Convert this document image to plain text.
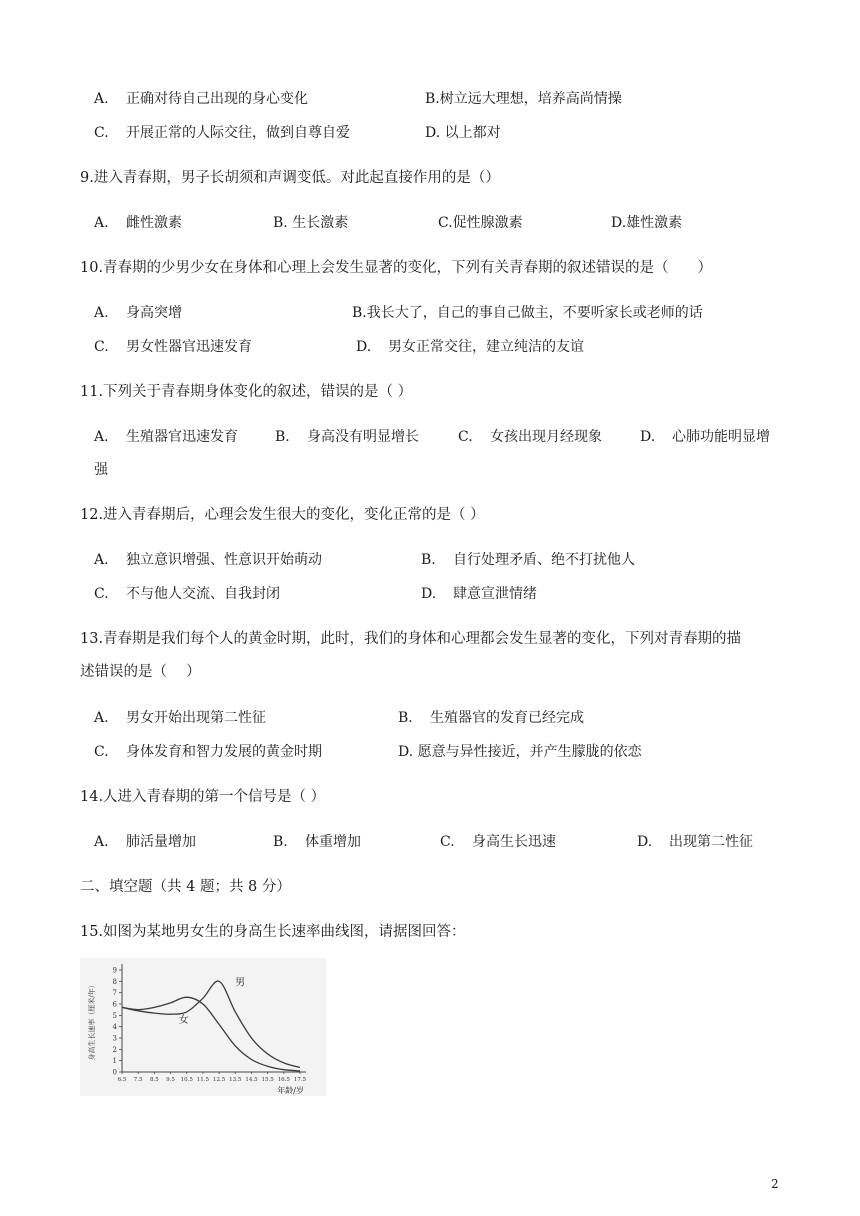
A. 正确对待自己出现的身心变化	B.树立远大理想，培养高尚情操
C. 开展正常的人际交往，做到自尊自爱	D. 以上都对
9.进入青春期，男子长胡须和声调变低。对此起直接作用的是（）
A. 雌性激素	B. 生长激素	C.促性腺激素	D.雄性激素
10.青春期的少男少女在身体和心理上会发生显著的变化，下列有关青春期的叙述错误的是（　　）
A. 身高突增	B.我长大了，自己的事自己做主，不要听家长或老师的话
C. 男女性器官迅速发育	D. 男女正常交往，建立纯洁的友谊
11.下列关于青春期身体变化的叙述，错误的是（ ）
A. 生殖器官迅速发育	B. 身高没有明显增长	C. 女孩出现月经现象	D. 心肺功能明显增
强
12.进入青春期后，心理会发生很大的变化，变化正常的是（ ）
A. 独立意识增强、性意识开始萌动	B. 自行处理矛盾、绝不打扰他人
C. 不与他人交流、自我封闭	D. 肆意宣泄情绪
13.青春期是我们每个人的黄金时期，此时，我们的身体和心理都会发生显著的变化，下列对青春期的描
述错误的是（　 ）
A. 男女开始出现第二性征	B. 生殖器官的发育已经完成
C. 身体发育和智力发展的黄金时期	D. 愿意与异性接近，并产生朦胧的依恋
14.人进入青春期的第一个信号是（ ）
A. 肺活量增加	B. 体重增加	C. 身高生长迅速	D. 出现第二性征
二、填空题（共 4 题；共 8 分）
15.如图为某地男女生的身高生长速率曲线图，请据图回答：
0
1
2
3
4
5
6
7
8
9
6.5 7.5 8.5 9.5 10.5 11.5 12.5 13.5 14.5 15.5 16.5 17.5
男
女
身高生长速率（厘米/年）
年龄/岁
2
